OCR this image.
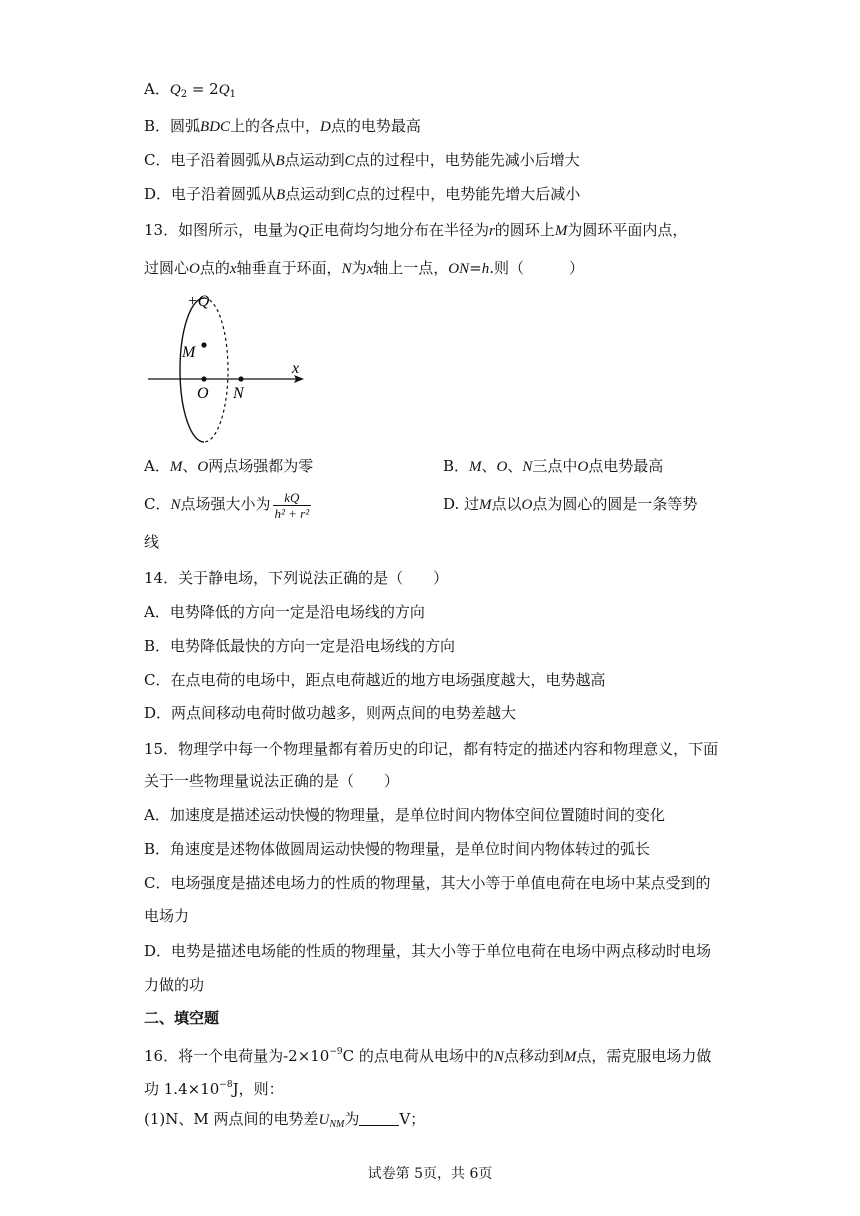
A．$Q_2 = 2Q_1$
B．圆弧BDC上的各点中，D点的电势最高
C．电子沿着圆弧从B点运动到C点的过程中，电势能先减小后增大
D．电子沿着圆弧从B点运动到C点的过程中，电势能先增大后减小
13．如图所示，电量为Q正电荷均匀地分布在半径为r的圆环上M为圆环平面内点，
过圆心O点的x轴垂直于环面，N为x轴上一点，ON=h.则（　　　）
+Q
M
O N
x
A．M、O两点场强都为零	B．M、O、N三点中O点电势最高
C．N点场强大小为 $\frac{kQ}{\text{h² + r²}}$	D. 过M点以O点为圆心的圆是一条等势
线
14．关于静电场，下列说法正确的是（　　）
A．电势降低的方向一定是沿电场线的方向
B．电势降低最快的方向一定是沿电场线的方向
C．在点电荷的电场中，距点电荷越近的地方电场强度越大，电势越高
D．两点间移动电荷时做功越多，则两点间的电势差越大
15．物理学中每一个物理量都有着历史的印记，都有特定的描述内容和物理意义，下面
关于一些物理量说法正确的是（　　）
A．加速度是描述运动快慢的物理量，是单位时间内物体空间位置随时间的变化
B．角速度是述物体做圆周运动快慢的物理量，是单位时间内物体转过的弧长
C．电场强度是描述电场力的性质的物理量，其大小等于单值电荷在电场中某点受到的
电场力
D．电势是描述电场能的性质的物理量，其大小等于单位电荷在电场中两点移动时电场
力做的功
二、填空题
16．将一个电荷量为$-2\times 10^{-9}C$ 的点电荷从电场中的N点移动到M点，需克服电场力做
功 $1.4\times 10^{-8}J$，则：
(1)N、M 两点间的电势差$U_{NM}$为	V；
试卷第 5页，共 6页
